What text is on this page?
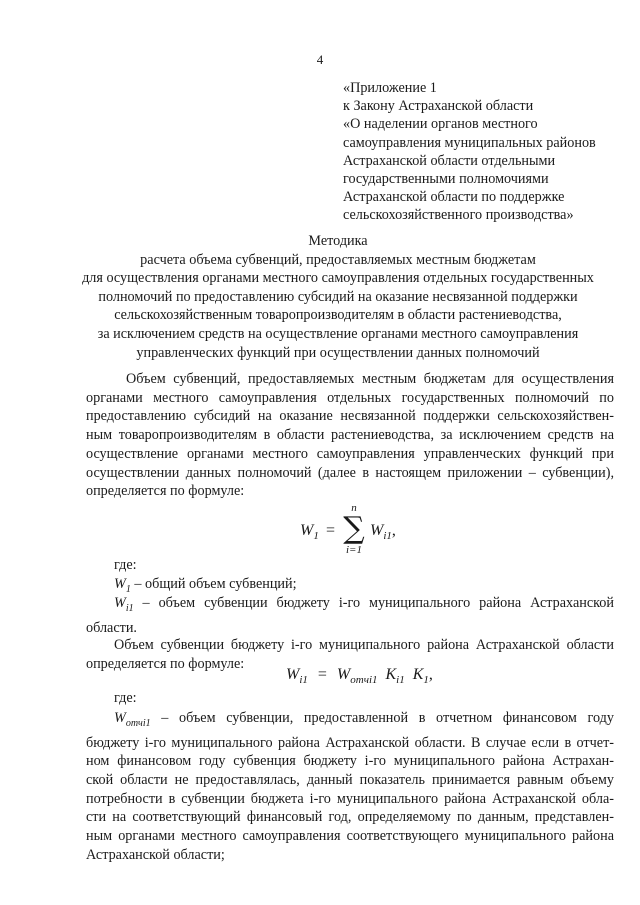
4
«Приложение 1
к Закону Астраханской области
«О наделении органов местного
самоуправления муниципальных районов
Астраханской области отдельными
государственными полномочиями
Астраханской области по поддержке
сельскохозяйственного производства»
Методика
расчета объема субвенций, предоставляемых местным бюджетам
для осуществления органами местного самоуправления отдельных государственных
полномочий по предоставлению субсидий на оказание несвязанной поддержки
сельскохозяйственным товаропроизводителям в области растениеводства,
за исключением средств на осуществление органами местного самоуправления
управленческих функций при осуществлении данных полномочий
Объем субвенций, предоставляемых местным бюджетам для осуществления
органами местного самоуправления отдельных государственных полномочий по
предоставлению субсидий на оказание несвязанной поддержки сельскохозяйствен-
ным товаропроизводителям в области растениеводства, за исключением средств на
осуществление органами местного самоуправления управленческих функций при
осуществлении данных полномочий (далее в настоящем приложении – субвенции),
определяется по формуле:
$W_1$ =
n
∑
i=1
$W_{i1}$,
где:
$W_1$ – общий объем субвенций;
$W_{i1}$ – объем субвенции бюджету i-го муниципального района Астраханской
области.
Объем субвенции бюджету i-го муниципального района Астраханской области
определяется по формуле:
$W_{i1} = W_{отчi1}$ $K_{i1}$ $K_1$,
где:
$W_{отчi1}$ – объем субвенции, предоставленной в отчетном финансовом году
бюджету i-го муниципального района Астраханской области. В случае если в отчет-
ном финансовом году субвенция бюджету i-го муниципального района Астрахан-
ской области не предоставлялась, данный показатель принимается равным объему
потребности в субвенции бюджета i-го муниципального района Астраханской обла-
сти на соответствующий финансовый год, определяемому по данным, представлен-
ным органами местного самоуправления соответствующего муниципального района
Астраханской области;
